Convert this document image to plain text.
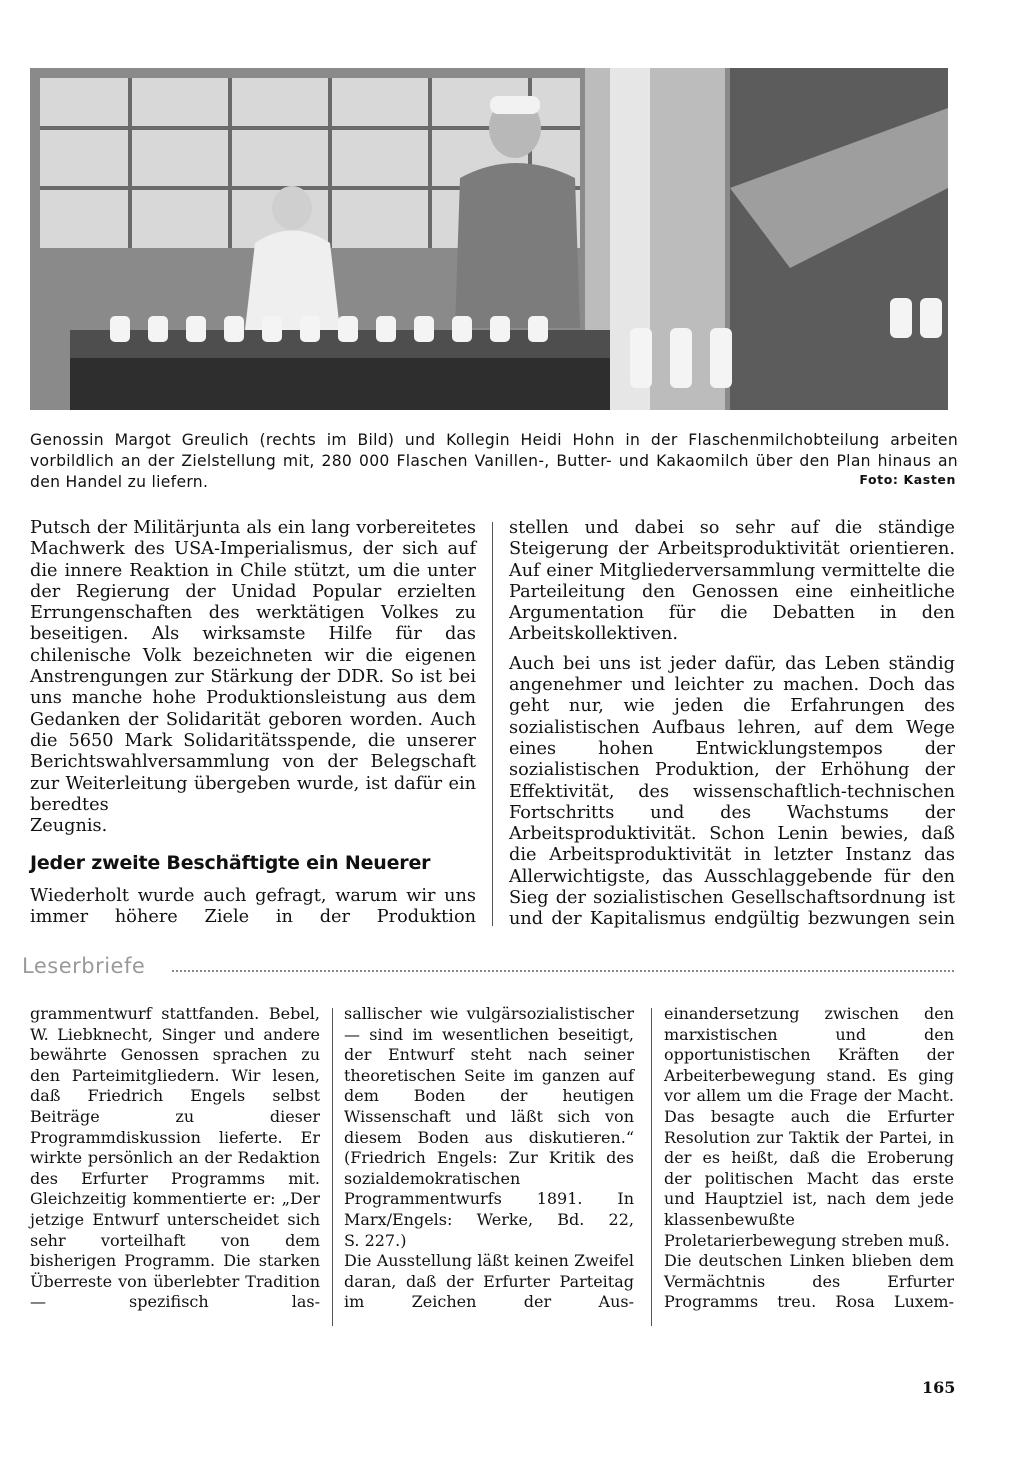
Genossin Margot Greulich (rechts im Bild) und Kollegin Heidi Hohn in der Flaschenmilchobteilung arbeiten vorbildlich an der Zielstellung mit, 280 000 Flaschen Vanillen-, Butter- und Kakaomilch über den Plan hinaus an den Handel zu liefern.	Foto: Kasten

Putsch der Militärjunta als ein lang vorbereitetes Machwerk des USA-Imperialismus, der sich auf die innere Reaktion in Chile stützt, um die unter der Regierung der Unidad Popular erzielten Errungenschaften des werktätigen Volkes zu beseitigen. Als wirksamste Hilfe für das chilenische Volk bezeichneten wir die eigenen Anstrengungen zur Stärkung der DDR. So ist bei uns manche hohe Produktionsleistung aus dem Gedanken der Solidarität geboren worden. Auch die 5650 Mark Solidaritätsspende, die unserer Berichtswahlversammlung von der Belegschaft zur Weiterleitung übergeben wurde, ist dafür ein beredtes

Zeugnis.

Jeder zweite Beschäftigte ein Neuerer

Wiederholt wurde auch gefragt, warum wir uns immer höhere Ziele in der Produktion

stellen und dabei so sehr auf die ständige Steigerung der Arbeitsproduktivität orientieren. Auf einer Mitgliederversammlung vermittelte die Parteileitung den Genossen eine einheitliche Argumentation für die Debatten in den

Arbeitskollektiven.

Auch bei uns ist jeder dafür, das Leben ständig angenehmer und leichter zu machen. Doch das geht nur, wie jeden die Erfahrungen des sozialistischen Aufbaus lehren, auf dem Wege eines hohen Entwicklungstempos der sozialistischen Produktion, der Erhöhung der Effektivität, des wissenschaftlich-technischen Fortschritts und des Wachstums der Arbeitsproduktivität. Schon Lenin bewies, daß die Arbeitsproduktivität in letzter Instanz das Allerwichtigste, das Ausschlaggebende für den Sieg der sozialistischen Gesellschaftsordnung ist und der Kapitalismus endgültig bezwungen sein

Leserbriefe

grammentwurf stattfanden. Bebel, W. Liebknecht, Singer und andere bewährte Genossen sprachen zu den Parteimitgliedern. Wir lesen, daß Friedrich Engels selbst Beiträge zu dieser Programmdiskussion lieferte. Er wirkte persönlich an der Redaktion des Erfurter Programms mit. Gleichzeitig kommentierte er: „Der jetzige Entwurf unterscheidet sich sehr vorteilhaft von dem bisherigen Programm. Die starken Überreste von überlebter Tradition — spezifisch las-

sallischer wie vulgärsozialistischer — sind im wesentlichen beseitigt, der Entwurf steht nach seiner theoretischen Seite im ganzen auf dem Boden der heutigen Wissenschaft und läßt sich von diesem Boden aus diskutieren.“ (Friedrich Engels: Zur Kritik des sozialdemokratischen Programmentwurfs 1891. In Marx/Engels: Werke, Bd. 22,

S. 227.)

Die Ausstellung läßt keinen Zweifel daran, daß der Erfurter Parteitag im Zeichen der Aus-

einandersetzung zwischen den marxistischen und den opportunistischen Kräften der Arbeiterbewegung stand. Es ging vor allem um die Frage der Macht. Das besagte auch die Erfurter Resolution zur Taktik der Partei, in der es heißt, daß die Eroberung der politischen Macht das erste und Hauptziel ist, nach dem jede klassenbewußte Proletarierbewegung streben muß.

Die deutschen Linken blieben dem Vermächtnis des Erfurter Programms treu. Rosa Luxem-

165
